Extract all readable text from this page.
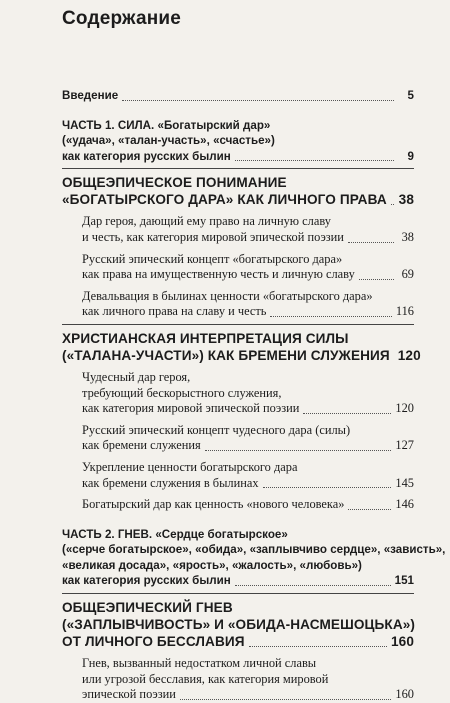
Содержание
Введение	5
ЧАСТЬ 1. СИЛА. «Богатырский дар»
(«удача», «талан-участь», «счастье»)
как категория русских былин	9
ОБЩЕЭПИЧЕСКОЕ ПОНИМАНИЕ
«БОГАТЫРСКОГО ДАРА» КАК ЛИЧНОГО ПРАВА 38
Дар героя, дающий ему право на личную славу
и честь, как категория мировой эпической поэзии	38
Русский эпический концепт «богатырского дара»
как права на имущественную честь и личную славу	69
Девальвация в былинах ценности «богатырского дара»
как личного права на славу и честь	116
ХРИСТИАНСКАЯ ИНТЕРПРЕТАЦИЯ СИЛЫ
(«ТАЛАНА-УЧАСТИ») КАК БРЕМЕНИ СЛУЖЕНИЯ 120
Чудесный дар героя,
требующий бескорыстного служения,
как категория мировой эпической поэзии	120
Русский эпический концепт чудесного дара (силы)
как бремени служения	127
Укрепление ценности богатырского дара
как бремени служения в былинах	145
Богатырский дар как ценность «нового человека»	146
ЧАСТЬ 2. ГНЕВ. «Сердце богатырское»
(«серче богатырское», «обида», «заплывчиво сердце», «зависть»,
«великая досада», «ярость», «жалость», «любовь»)
как категория русских былин	151
ОБЩЕЭПИЧЕСКИЙ ГНЕВ
(«ЗАПЛЫВЧИВОСТЬ» И «ОБИДА-НАСМЕШОЦЬКА»)
ОТ ЛИЧНОГО БЕССЛАВИЯ	160
Гнев, вызванный недостатком личной славы
или угрозой бесславия, как категория мировой
эпической поэзии	160
